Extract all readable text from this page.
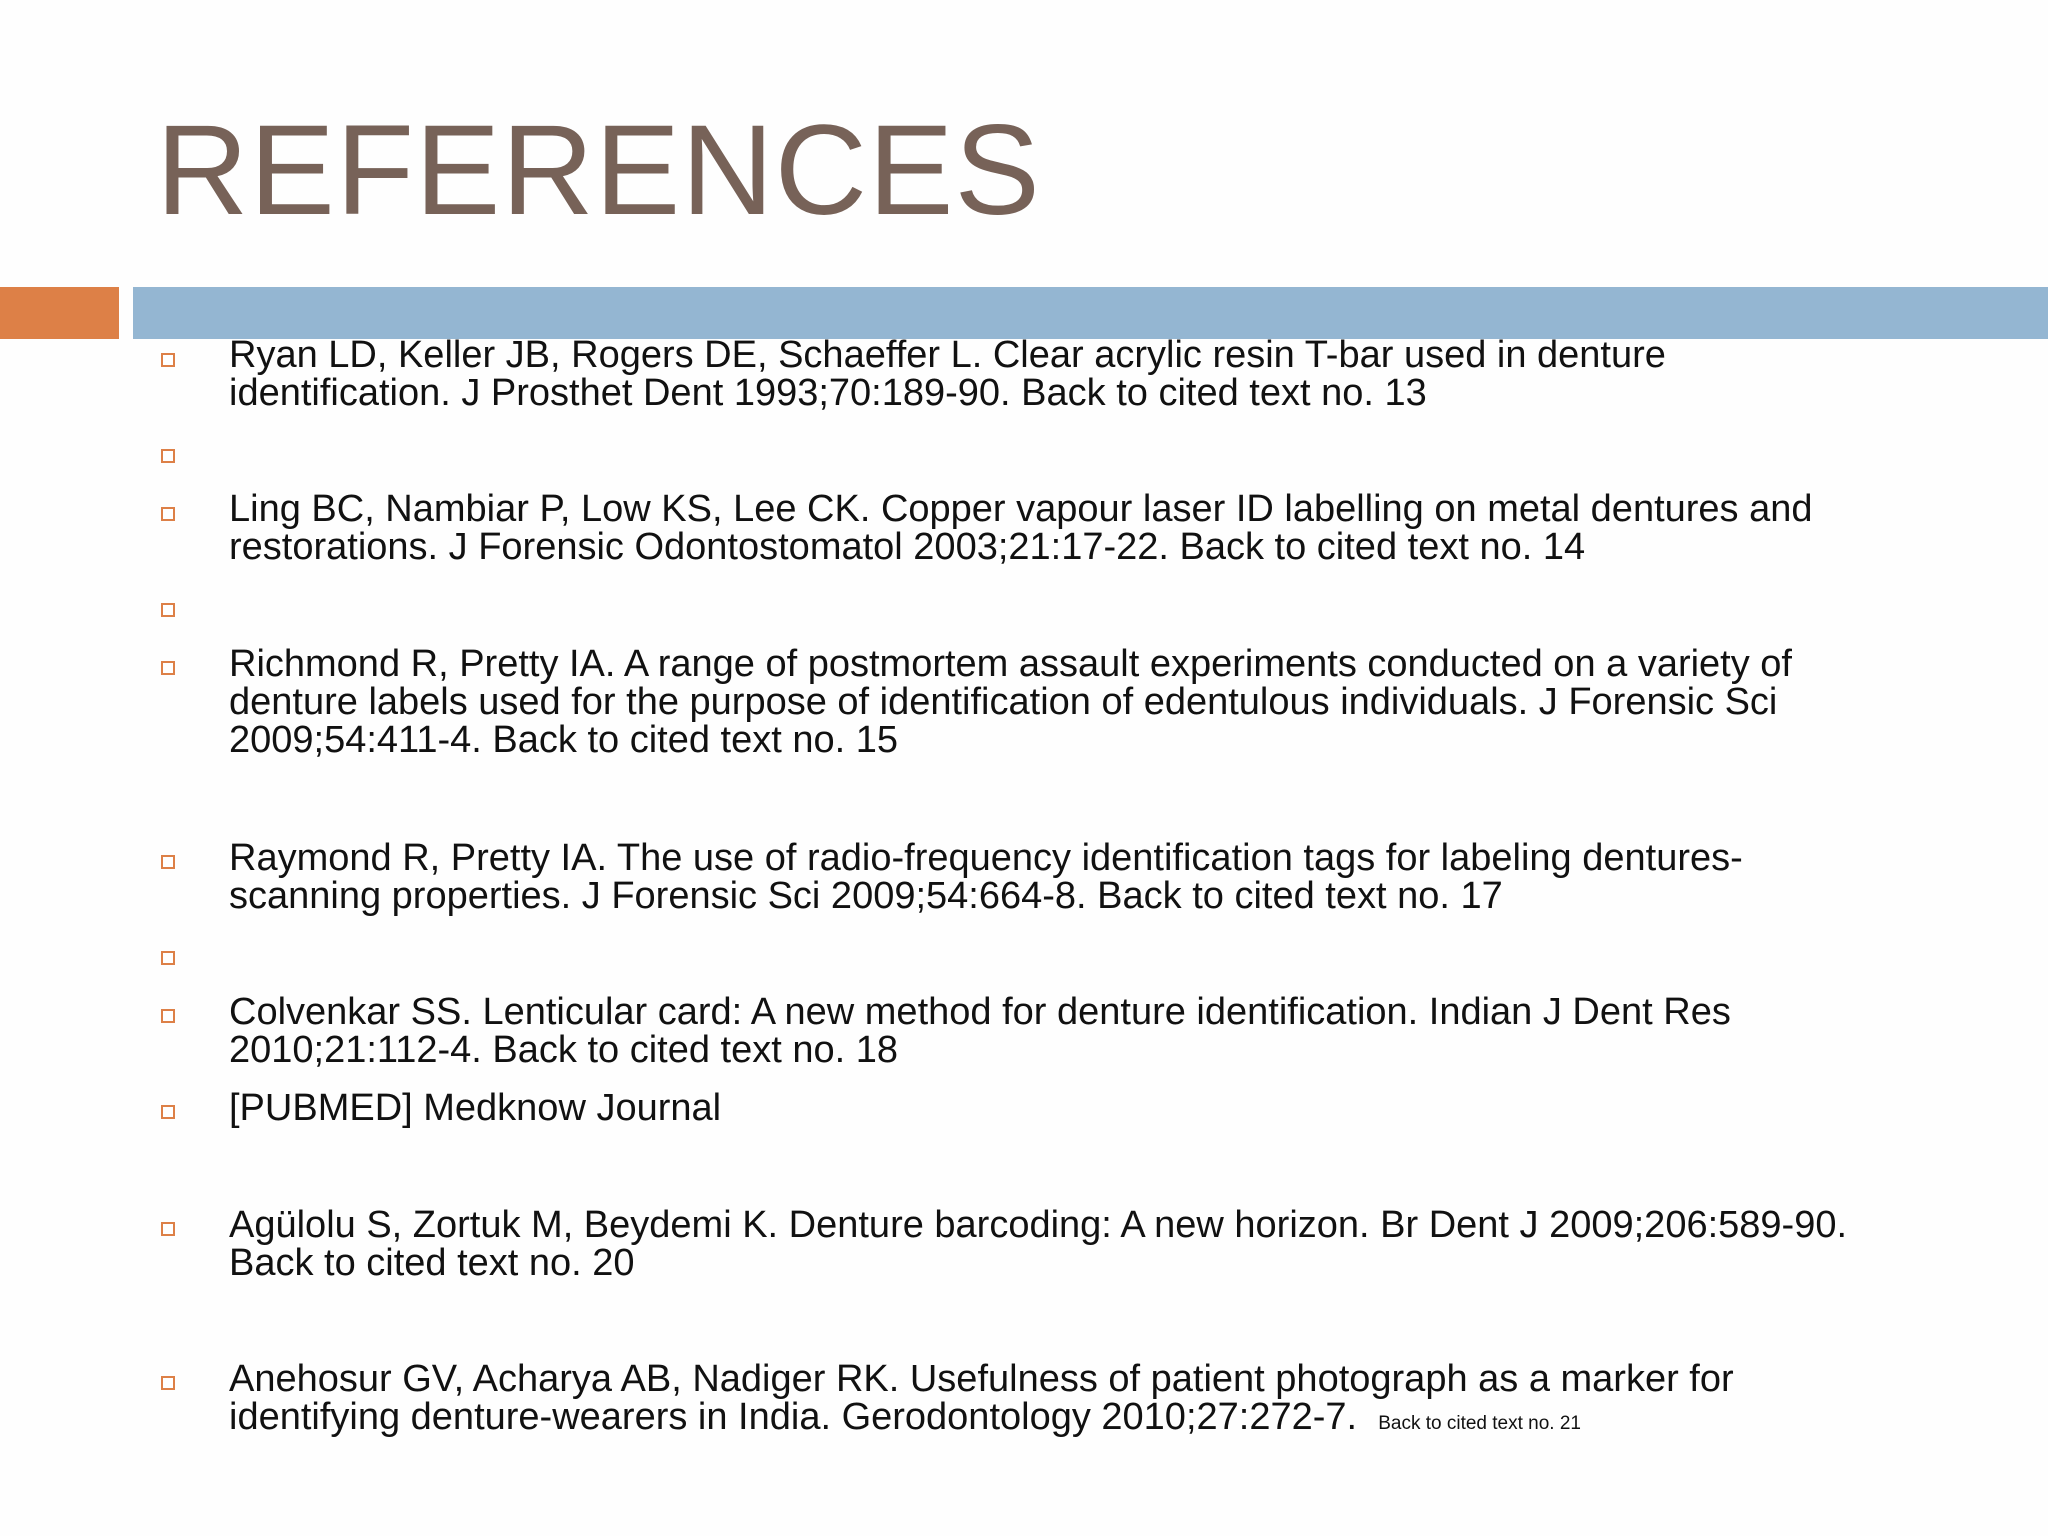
REFERENCES
Ryan LD, Keller JB, Rogers DE, Schaeffer L. Clear acrylic resin T-bar used in denture
identification. J Prosthet Dent 1993;70:189-90. Back to cited text no. 13
Ling BC, Nambiar P, Low KS, Lee CK. Copper vapour laser ID labelling on metal dentures and
restorations. J Forensic Odontostomatol 2003;21:17-22. Back to cited text no. 14
Richmond R, Pretty IA. A range of postmortem assault experiments conducted on a variety of
denture labels used for the purpose of identification of edentulous individuals. J Forensic Sci
2009;54:411-4. Back to cited text no. 15
Raymond R, Pretty IA. The use of radio-frequency identification tags for labeling dentures-
scanning properties. J Forensic Sci 2009;54:664-8. Back to cited text no. 17
Colvenkar SS. Lenticular card: A new method for denture identification. Indian J Dent Res
2010;21:112-4. Back to cited text no. 18
[PUBMED] Medknow Journal
Agülolu S, Zortuk M, Beydemi K. Denture barcoding: A new horizon. Br Dent J 2009;206:589-90.
Back to cited text no. 20
Anehosur GV, Acharya AB, Nadiger RK. Usefulness of patient photograph as a marker for
identifying denture-wearers in India. Gerodontology 2010;27:272-7. Back to cited text no. 21
